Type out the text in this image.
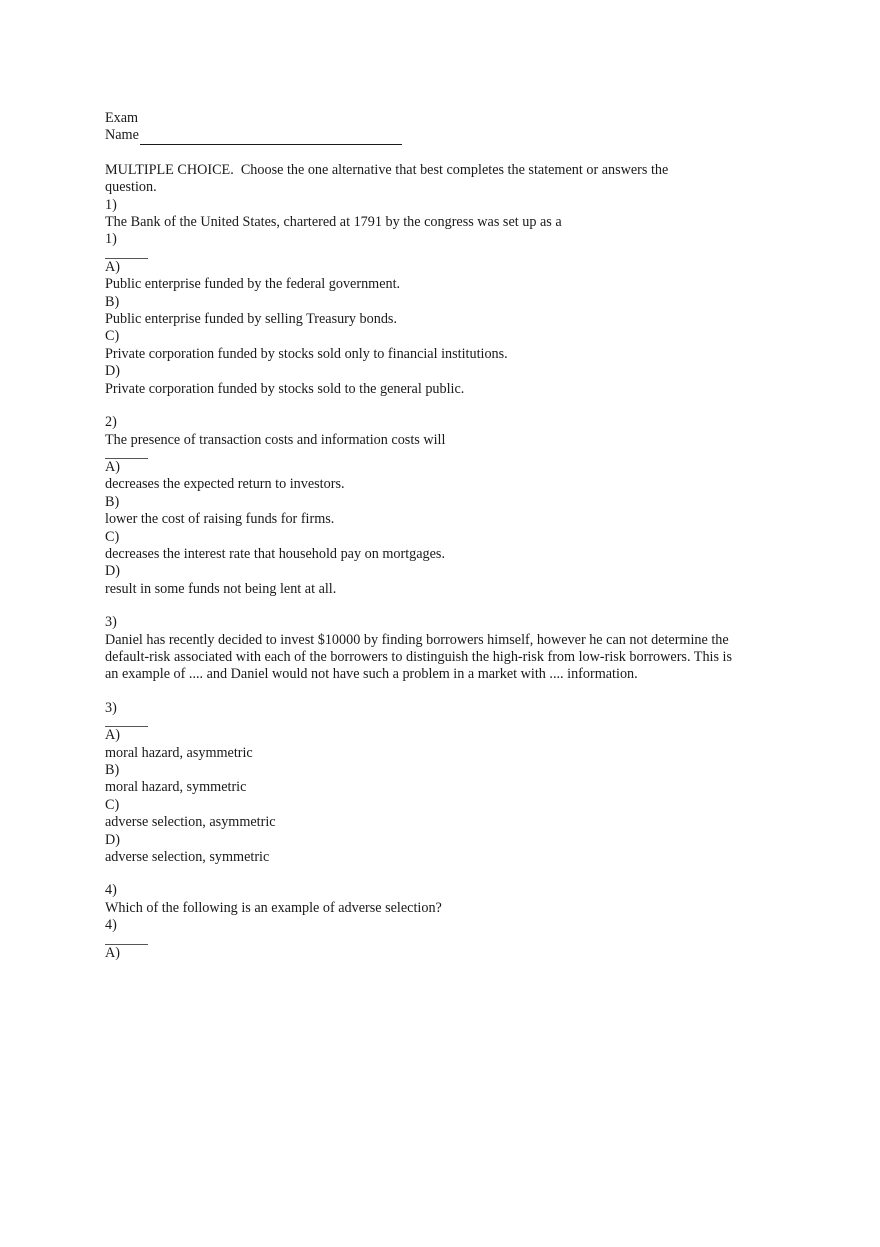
Exam
Name
MULTIPLE CHOICE.  Choose the one alternative that best completes the statement or answers the
question.
1)
The Bank of the United States, chartered at 1791 by the congress was set up as a
1)
A)
Public enterprise funded by the federal government.
B)
Public enterprise funded by selling Treasury bonds.
C)
Private corporation funded by stocks sold only to financial institutions.
D)
Private corporation funded by stocks sold to the general public.
2)
The presence of transaction costs and information costs will
A)
decreases the expected return to investors.
B)
lower the cost of raising funds for firms.
C)
decreases the interest rate that household pay on mortgages.
D)
result in some funds not being lent at all.
3)
Daniel has recently decided to invest $10000 by finding borrowers himself, however he can not determine the
default-risk associated with each of the borrowers to distinguish the high-risk from low-risk borrowers. This is
an example of .... and Daniel would not have such a problem in a market with .... information.
3)
A)
moral hazard, asymmetric
B)
moral hazard, symmetric
C)
adverse selection, asymmetric
D)
adverse selection, symmetric
4)
Which of the following is an example of adverse selection?
4)
A)
